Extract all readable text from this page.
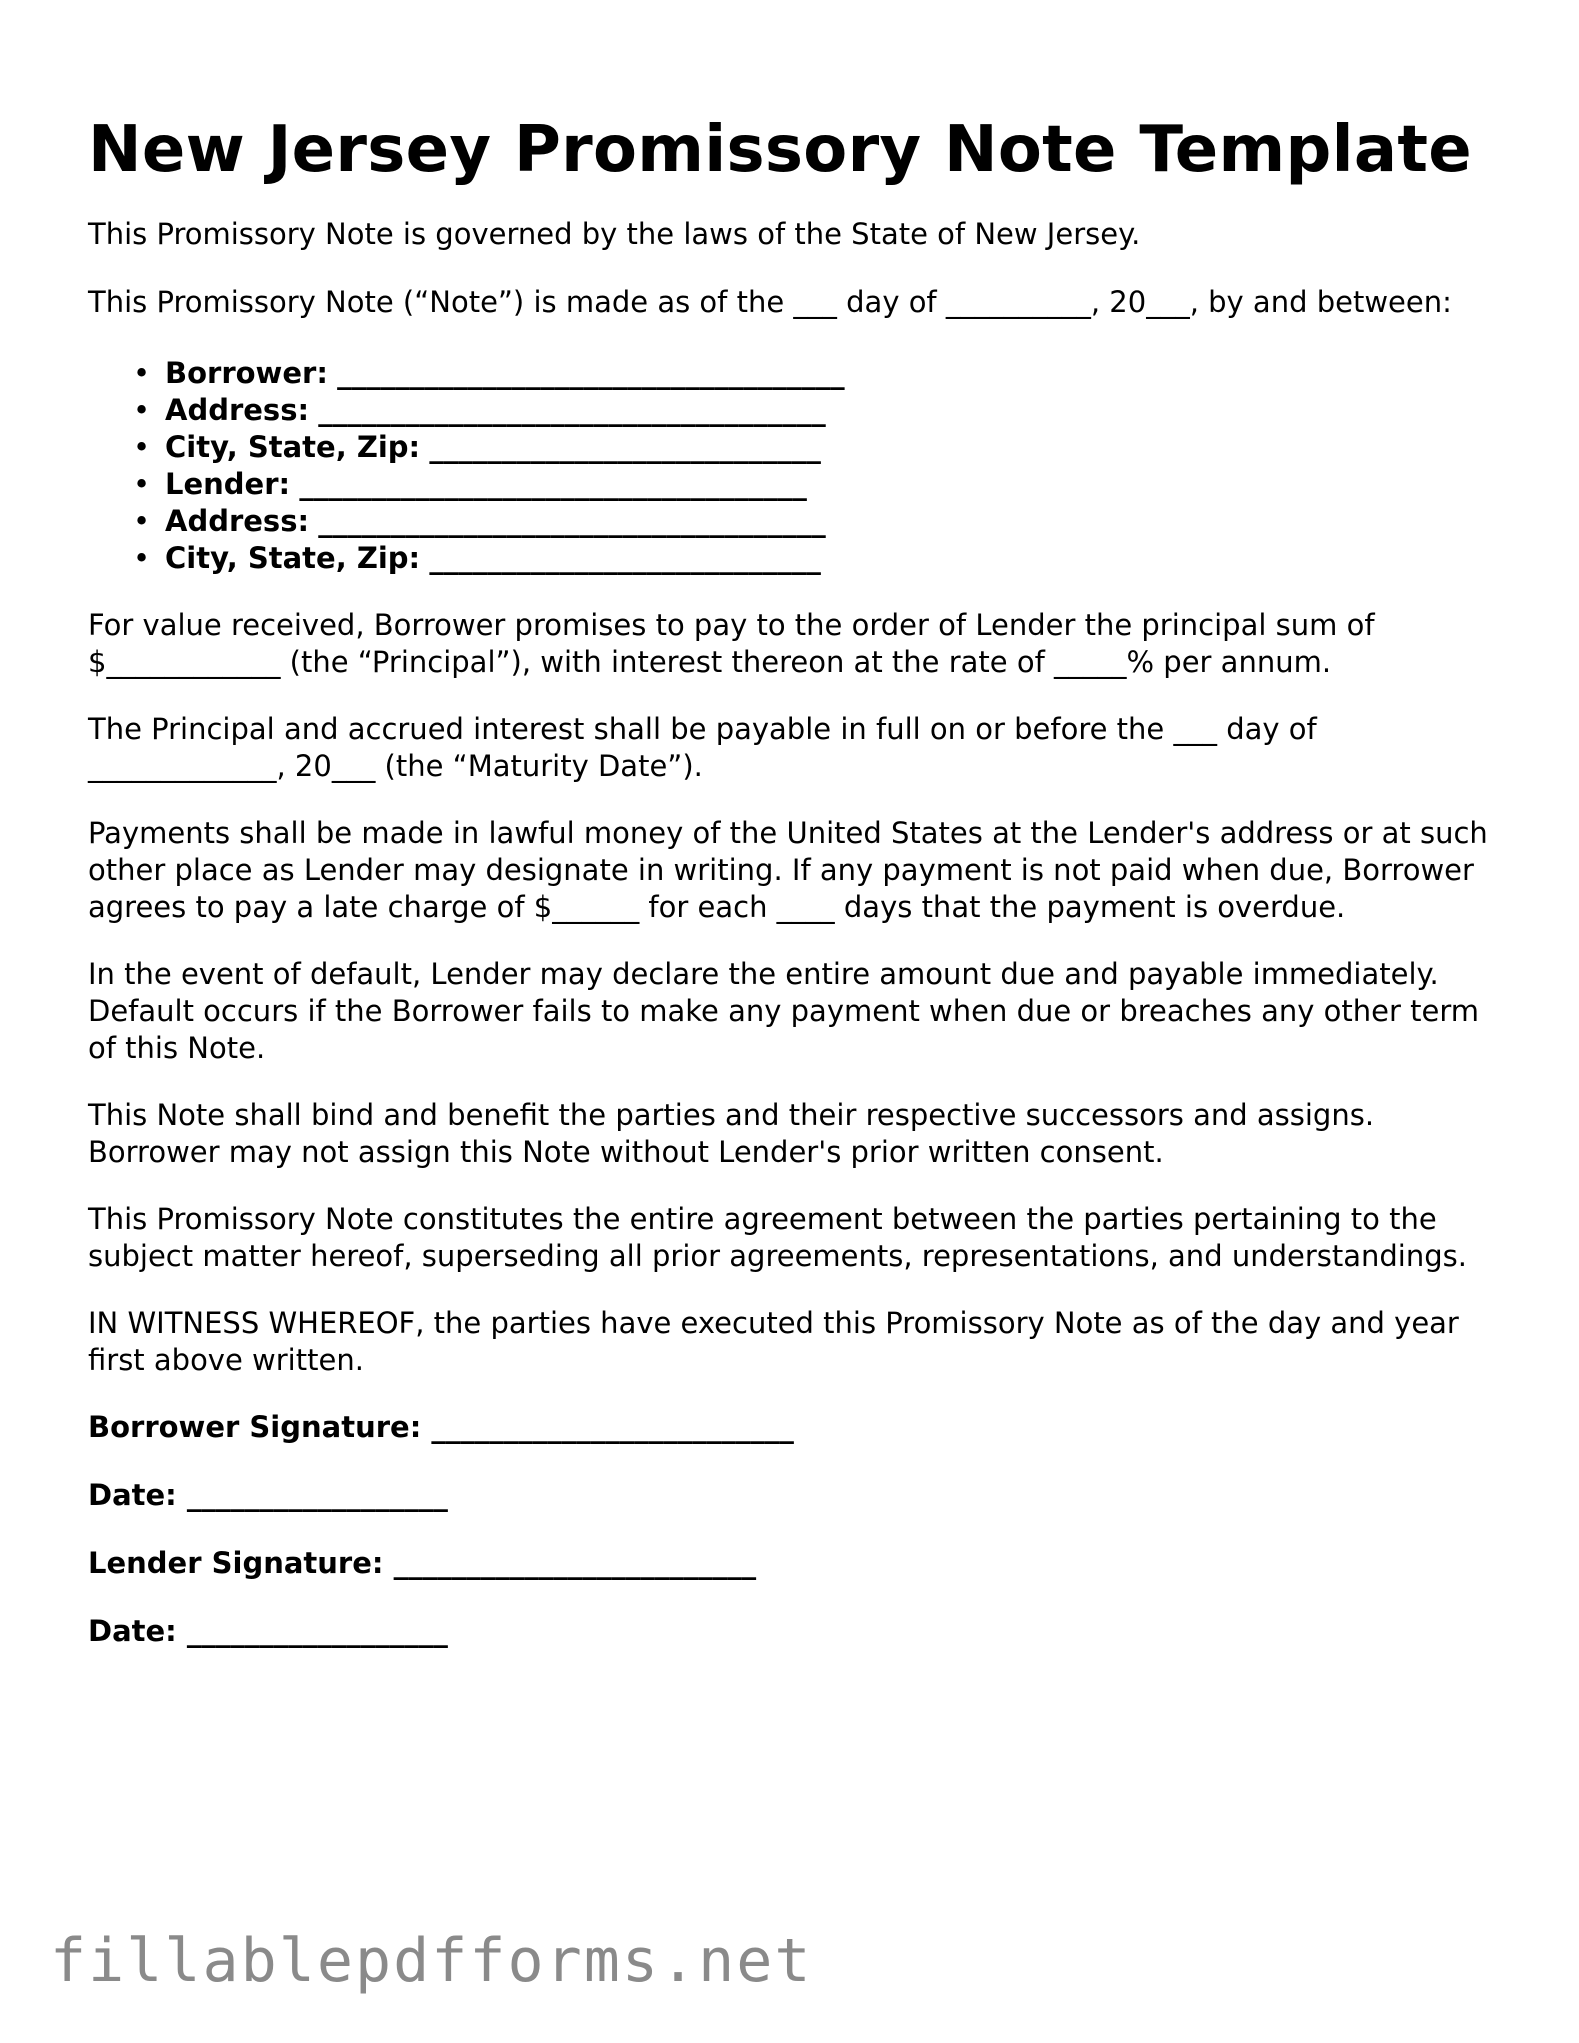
New Jersey Promissory Note Template

This Promissory Note is governed by the laws of the State of New Jersey.

This Promissory Note (“Note”) is made as of the ___ day of __________, 20___, by and between:

• Borrower: ___________________________________
• Address: ___________________________________
• City, State, Zip: ___________________________
• Lender: ___________________________________
• Address: ___________________________________
• City, State, Zip: ___________________________

For value received, Borrower promises to pay to the order of Lender the principal sum of $____________ (the “Principal”), with interest thereon at the rate of _____% per annum.

The Principal and accrued interest shall be payable in full on or before the ___ day of _____________, 20___ (the “Maturity Date”).

Payments shall be made in lawful money of the United States at the Lender's address or at such other place as Lender may designate in writing. If any payment is not paid when due, Borrower agrees to pay a late charge of $______ for each ____ days that the payment is overdue.

In the event of default, Lender may declare the entire amount due and payable immediately. Default occurs if the Borrower fails to make any payment when due or breaches any other term of this Note.

This Note shall bind and benefit the parties and their respective successors and assigns. Borrower may not assign this Note without Lender's prior written consent.

This Promissory Note constitutes the entire agreement between the parties pertaining to the subject matter hereof, superseding all prior agreements, representations, and understandings.

IN WITNESS WHEREOF, the parties have executed this Promissory Note as of the day and year first above written.

Borrower Signature: _________________________

Date: __________________

Lender Signature: _________________________

Date: __________________

fillablepdfforms.net
